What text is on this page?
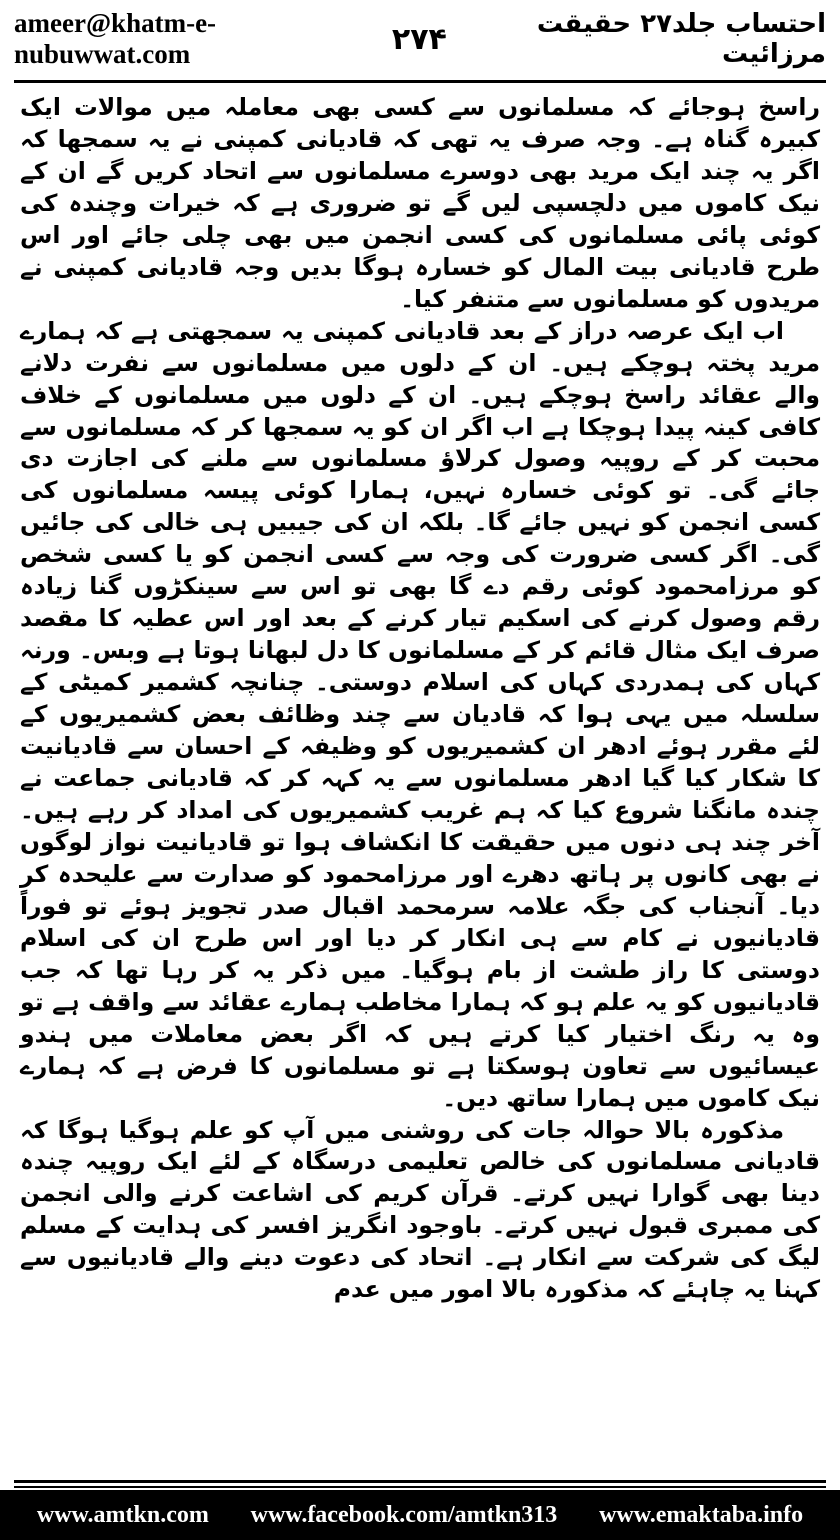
ameer@khatm-e-nubuwwat.com	۲۷۴	احتساب جلد۲۷ حقیقت مرزائیت

راسخ ہوجائے کہ مسلمانوں سے کسی بھی معاملہ میں موالات ایک کبیرہ گناہ ہے۔ وجہ صرف یہ تھی کہ قادیانی کمپنی نے یہ سمجھا کہ اگر یہ چند ایک مرید بھی دوسرے مسلمانوں سے اتحاد کریں گے ان کے نیک کاموں میں دلچسپی لیں گے تو ضروری ہے کہ خیرات وچندہ کی کوئی پائی مسلمانوں کی کسی انجمن میں بھی چلی جائے اور اس طرح قادیانی بیت المال کو خسارہ ہوگا بدیں وجہ قادیانی کمپنی نے مریدوں کو مسلمانوں سے متنفر کیا۔

اب ایک عرصہ دراز کے بعد قادیانی کمپنی یہ سمجھتی ہے کہ ہمارے مرید پختہ ہوچکے ہیں۔ ان کے دلوں میں مسلمانوں سے نفرت دلانے والے عقائد راسخ ہوچکے ہیں۔ ان کے دلوں میں مسلمانوں کے خلاف کافی کینہ پیدا ہوچکا ہے اب اگر ان کو یہ سمجھا کر کہ مسلمانوں سے محبت کر کے روپیہ وصول کرلاؤ مسلمانوں سے ملنے کی اجازت دی جائے گی۔ تو کوئی خسارہ نہیں، ہمارا کوئی پیسہ مسلمانوں کی کسی انجمن کو نہیں جائے گا۔ بلکہ ان کی جیبیں ہی خالی کی جائیں گی۔ اگر کسی ضرورت کی وجہ سے کسی انجمن کو یا کسی شخص کو مرزامحمود کوئی رقم دے گا بھی تو اس سے سینکڑوں گنا زیادہ رقم وصول کرنے کی اسکیم تیار کرنے کے بعد اور اس عطیہ کا مقصد صرف ایک مثال قائم کر کے مسلمانوں کا دل لبھانا ہوتا ہے وبس۔ ورنہ کہاں کی ہمدردی کہاں کی اسلام دوستی۔ چنانچہ کشمیر کمیٹی کے سلسلہ میں یہی ہوا کہ قادیان سے چند وظائف بعض کشمیریوں کے لئے مقرر ہوئے ادھر ان کشمیریوں کو وظیفہ کے احسان سے قادیانیت کا شکار کیا گیا ادھر مسلمانوں سے یہ کہہ کر کہ قادیانی جماعت نے چندہ مانگنا شروع کیا کہ ہم غریب کشمیریوں کی امداد کر رہے ہیں۔ آخر چند ہی دنوں میں حقیقت کا انکشاف ہوا تو قادیانیت نواز لوگوں نے بھی کانوں پر ہاتھ دھرے اور مرزامحمود کو صدارت سے علیحدہ کر دیا۔ آنجناب کی جگہ علامہ سرمحمد اقبال صدر تجویز ہوئے تو فوراً قادیانیوں نے کام سے ہی انکار کر دیا اور اس طرح ان کی اسلام دوستی کا راز طشت از بام ہوگیا۔ میں ذکر یہ کر رہا تھا کہ جب قادیانیوں کو یہ علم ہو کہ ہمارا مخاطب ہمارے عقائد سے واقف ہے تو وہ یہ رنگ اختیار کیا کرتے ہیں کہ اگر بعض معاملات میں ہندو عیسائیوں سے تعاون ہوسکتا ہے تو مسلمانوں کا فرض ہے کہ ہمارے نیک کاموں میں ہمارا ساتھ دیں۔

مذکورہ بالا حوالہ جات کی روشنی میں آپ کو علم ہوگیا ہوگا کہ قادیانی مسلمانوں کی خالص تعلیمی درسگاہ کے لئے ایک روپیہ چندہ دینا بھی گوارا نہیں کرتے۔ قرآن کریم کی اشاعت کرنے والی انجمن کی ممبری قبول نہیں کرتے۔ باوجود انگریز افسر کی ہدایت کے مسلم لیگ کی شرکت سے انکار ہے۔ اتحاد کی دعوت دینے والے قادیانیوں سے کہنا یہ چاہئے کہ مذکورہ بالا امور میں عدم

www.amtkn.com www.facebook.com/amtkn313 www.emaktaba.info
